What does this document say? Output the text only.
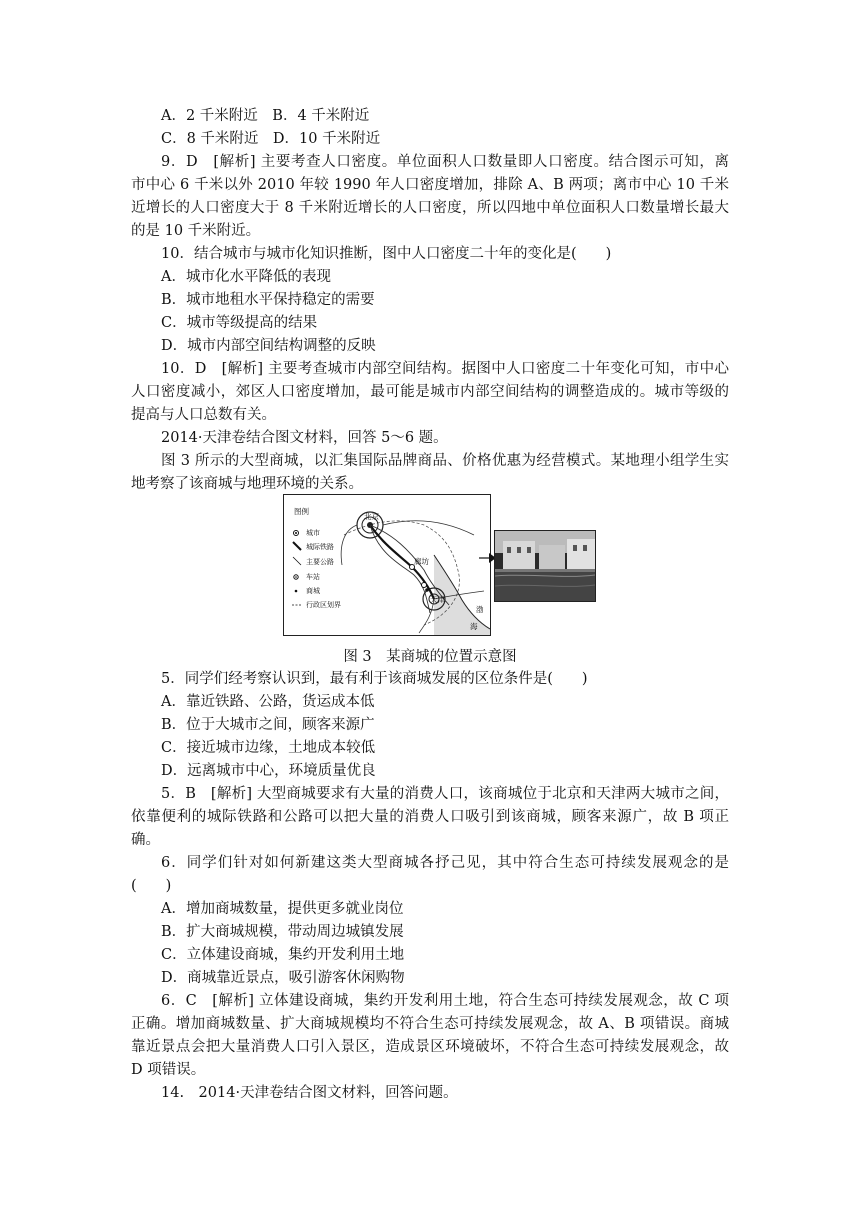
A．2 千米附近　B．4 千米附近
C．8 千米附近　D．10 千米附近
9．D　[解析] 主要考查人口密度。单位面积人口数量即人口密度。结合图示可知，离
市中心 6 千米以外 2010 年较 1990 年人口密度增加，排除 A、B 两项；离市中心 10 千米
近增长的人口密度大于 8 千米附近增长的人口密度，所以四地中单位面积人口数量增长最大
的是 10 千米附近。
10．结合城市与城市化知识推断，图中人口密度二十年的变化是(　　)
A．城市化水平降低的表现
B．城市地租水平保持稳定的需要
C．城市等级提高的结果
D．城市内部空间结构调整的反映
10．D　[解析] 主要考查城市内部空间结构。据图中人口密度二十年变化可知，市中心
人口密度减小，郊区人口密度增加，最可能是城市内部空间结构的调整造成的。城市等级的
提高与人口总数有关。
2014·天津卷结合图文材料，回答 5～6 题。
图 3 所示的大型商城，以汇集国际品牌商品、价格优惠为经营模式。某地理小组学生实
地考察了该商城与地理环境的关系。
图例
城市
城际铁路
主要公路
车站
商城
行政区划界
北京
廊坊
天津
渤
海
图 3　某商城的位置示意图
5．同学们经考察认识到，最有利于该商城发展的区位条件是(　　)
A．靠近铁路、公路，货运成本低
B．位于大城市之间，顾客来源广
C．接近城市边缘，土地成本较低
D．远离城市中心，环境质量优良
5．B　[解析] 大型商城要求有大量的消费人口，该商城位于北京和天津两大城市之间，
依靠便利的城际铁路和公路可以把大量的消费人口吸引到该商城，顾客来源广，故 B 项正
确。
6．同学们针对如何新建这类大型商城各抒己见，其中符合生态可持续发展观念的是
(　　)
A．增加商城数量，提供更多就业岗位
B．扩大商城规模，带动周边城镇发展
C．立体建设商城，集约开发利用土地
D．商城靠近景点，吸引游客休闲购物
6．C　[解析] 立体建设商城，集约开发利用土地，符合生态可持续发展观念，故 C 项
正确。增加商城数量、扩大商城规模均不符合生态可持续发展观念，故 A、B 项错误。商城
靠近景点会把大量消费人口引入景区，造成景区环境破坏，不符合生态可持续发展观念，故
D 项错误。
14.　2014·天津卷结合图文材料，回答问题。
